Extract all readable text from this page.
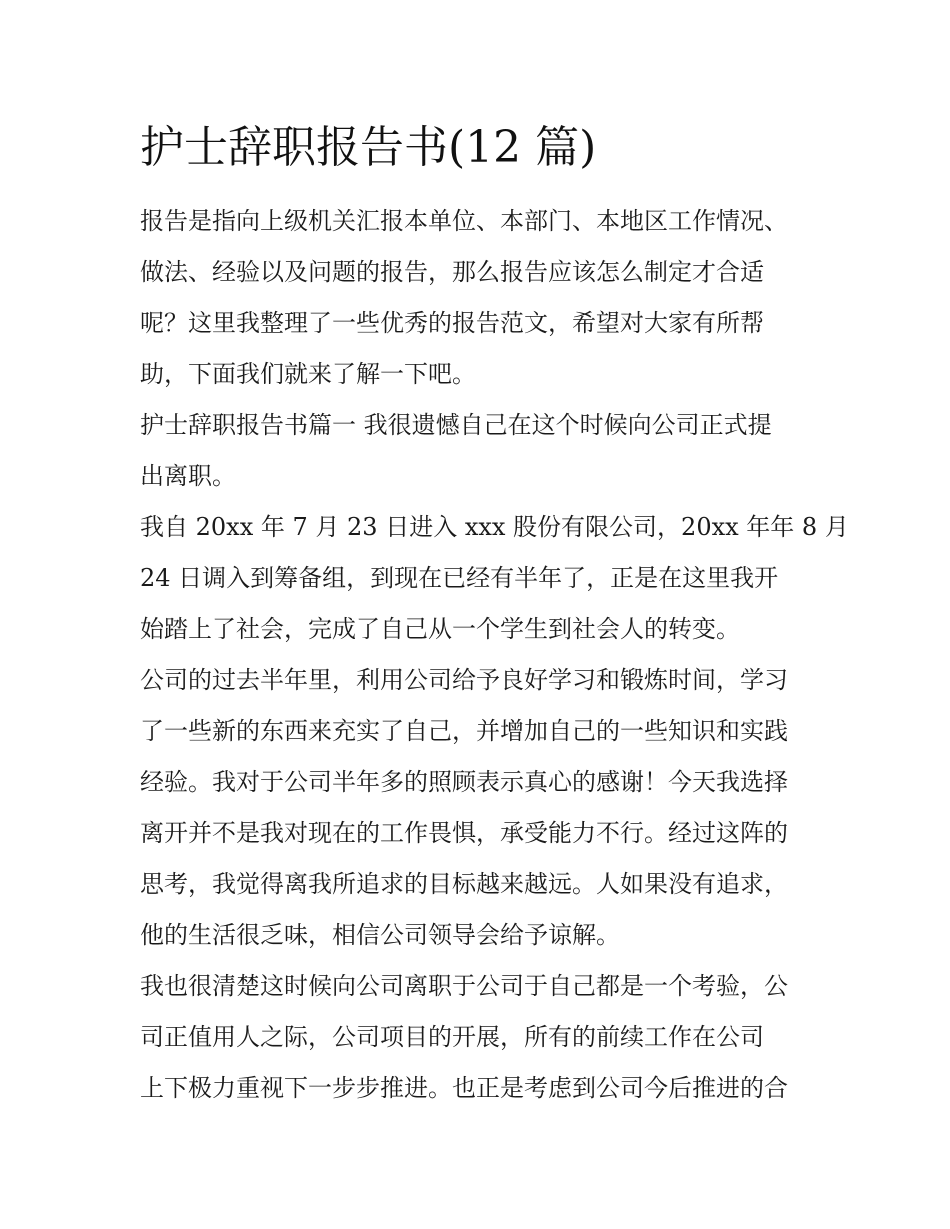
护士辞职报告书(12 篇)
报告是指向上级机关汇报本单位、本部门、本地区工作情况、
做法、经验以及问题的报告，那么报告应该怎么制定才合适
呢？这里我整理了一些优秀的报告范文，希望对大家有所帮
助，下面我们就来了解一下吧。
护士辞职报告书篇一 我很遗憾自己在这个时候向公司正式提
出离职。
我自 20xx 年 7 月 23 日进入 xxx 股份有限公司，20xx 年年 8 月
24 日调入到筹备组，到现在已经有半年了，正是在这里我开
始踏上了社会，完成了自己从一个学生到社会人的转变。
公司的过去半年里，利用公司给予良好学习和锻炼时间，学习
了一些新的东西来充实了自己，并增加自己的一些知识和实践
经验。我对于公司半年多的照顾表示真心的感谢！今天我选择
离开并不是我对现在的工作畏惧，承受能力不行。经过这阵的
思考，我觉得离我所追求的目标越来越远。人如果没有追求，
他的生活很乏味，相信公司领导会给予谅解。
我也很清楚这时候向公司离职于公司于自己都是一个考验，公
司正值用人之际，公司项目的开展，所有的前续工作在公司
上下极力重视下一步步推进。也正是考虑到公司今后推进的合
